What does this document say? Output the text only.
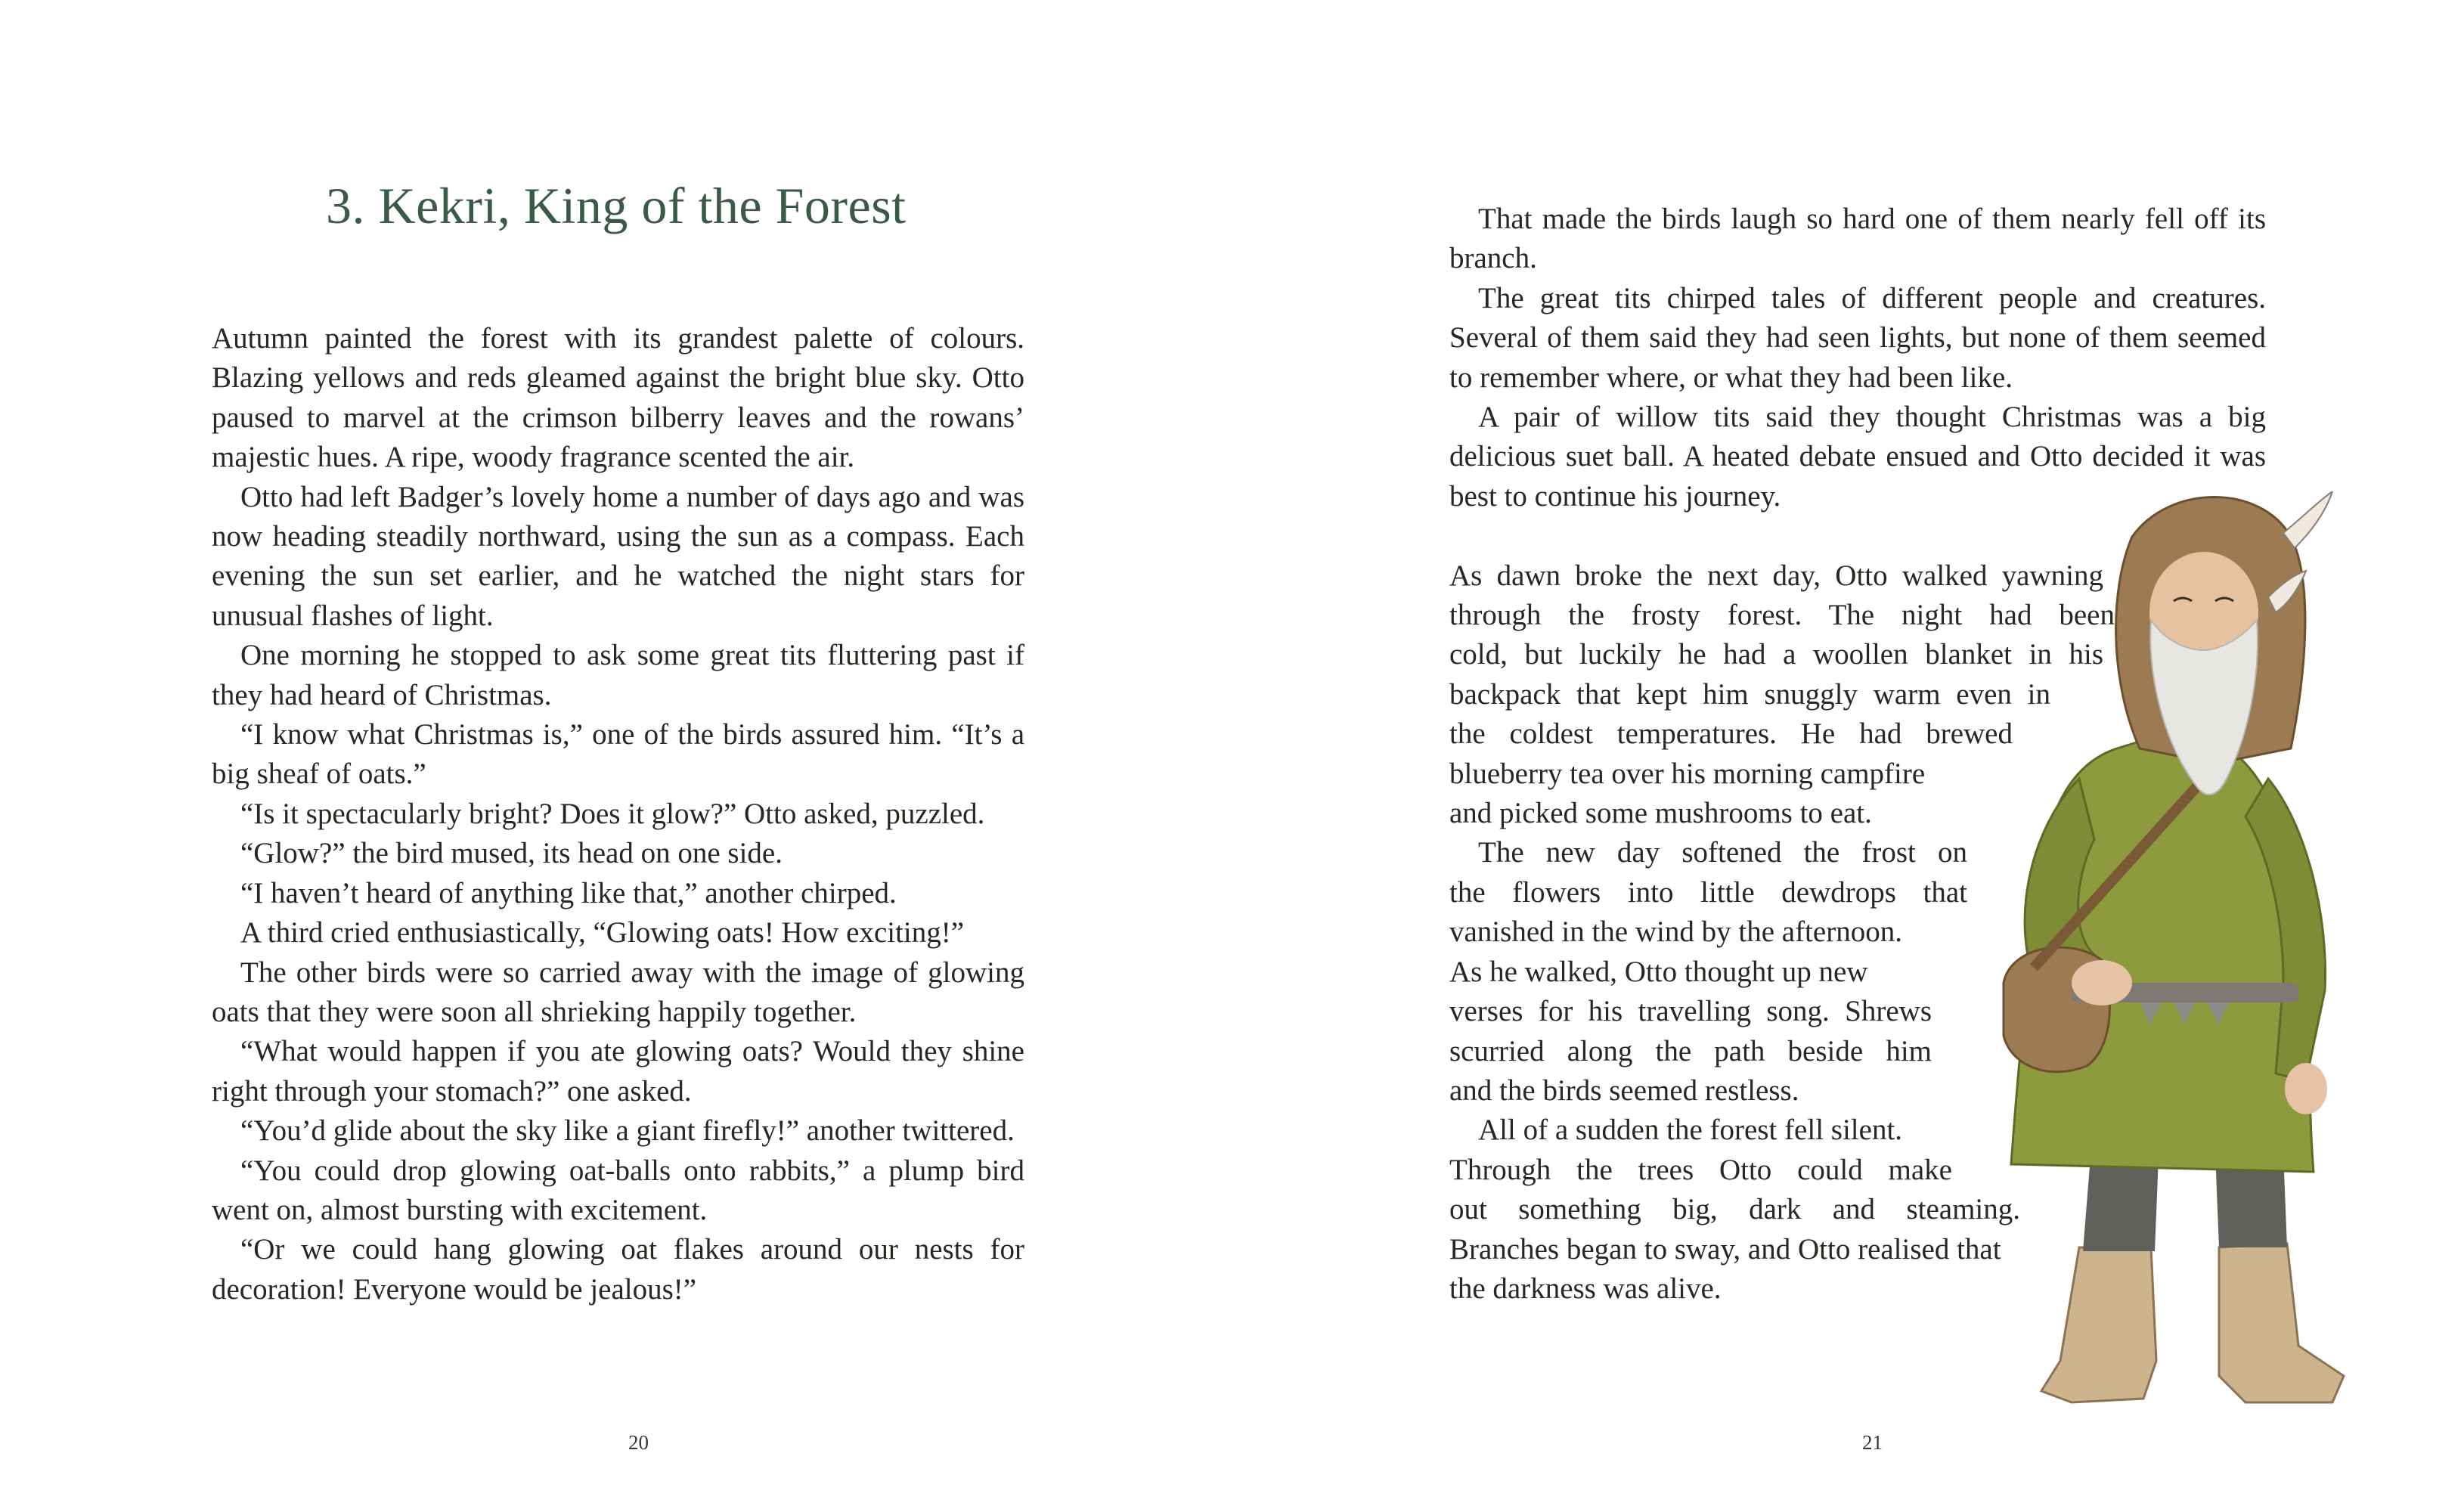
3. Kekri, King of the Forest

Autumn painted the forest with its grandest palette of colours. Blazing yellows and reds gleamed against the bright blue sky. Otto paused to marvel at the crimson bilberry leaves and the rowans’ majestic hues. A ripe, woody fragrance scented the air.

Otto had left Badger’s lovely home a number of days ago and was now heading steadily northward, using the sun as a compass. Each evening the sun set earlier, and he watched the night stars for unusual flashes of light.

One morning he stopped to ask some great tits fluttering past if they had heard of Christmas.

“I know what Christmas is,” one of the birds assured him. “It’s a big sheaf of oats.”

“Is it spectacularly bright? Does it glow?” Otto asked, puzzled.

“Glow?” the bird mused, its head on one side.

“I haven’t heard of anything like that,” another chirped.

A third cried enthusiastically, “Glowing oats! How exciting!”

The other birds were so carried away with the image of glowing oats that they were soon all shrieking happily together.

“What would happen if you ate glowing oats? Would they shine right through your stomach?” one asked.

“You’d glide about the sky like a giant firefly!” another twittered.

“You could drop glowing oat-balls onto rabbits,” a plump bird went on, almost bursting with excitement.

“Or we could hang glowing oat flakes around our nests for decoration! Everyone would be jealous!”

20

That made the birds laugh so hard one of them nearly fell off its branch.

The great tits chirped tales of different people and creatures. Several of them said they had seen lights, but none of them seemed to remember where, or what they had been like.

A pair of willow tits said they thought Christmas was a big delicious suet ball. A heated debate ensued and Otto decided it was best to continue his journey.

As dawn broke the next day, Otto walked yawning
through the frosty forest. The night had been
cold, but luckily he had a woollen blanket in his
backpack that kept him snuggly warm even in
the coldest temperatures. He had brewed
blueberry tea over his morning campfire
and picked some mushrooms to eat.
The new day softened the frost on
the flowers into little dewdrops that
vanished in the wind by the afternoon.
As he walked, Otto thought up new
verses for his travelling song. Shrews
scurried along the path beside him
and the birds seemed restless.
All of a sudden the forest fell silent.
Through the trees Otto could make
out something big, dark and steaming.
Branches began to sway, and Otto realised that
the darkness was alive.

21
